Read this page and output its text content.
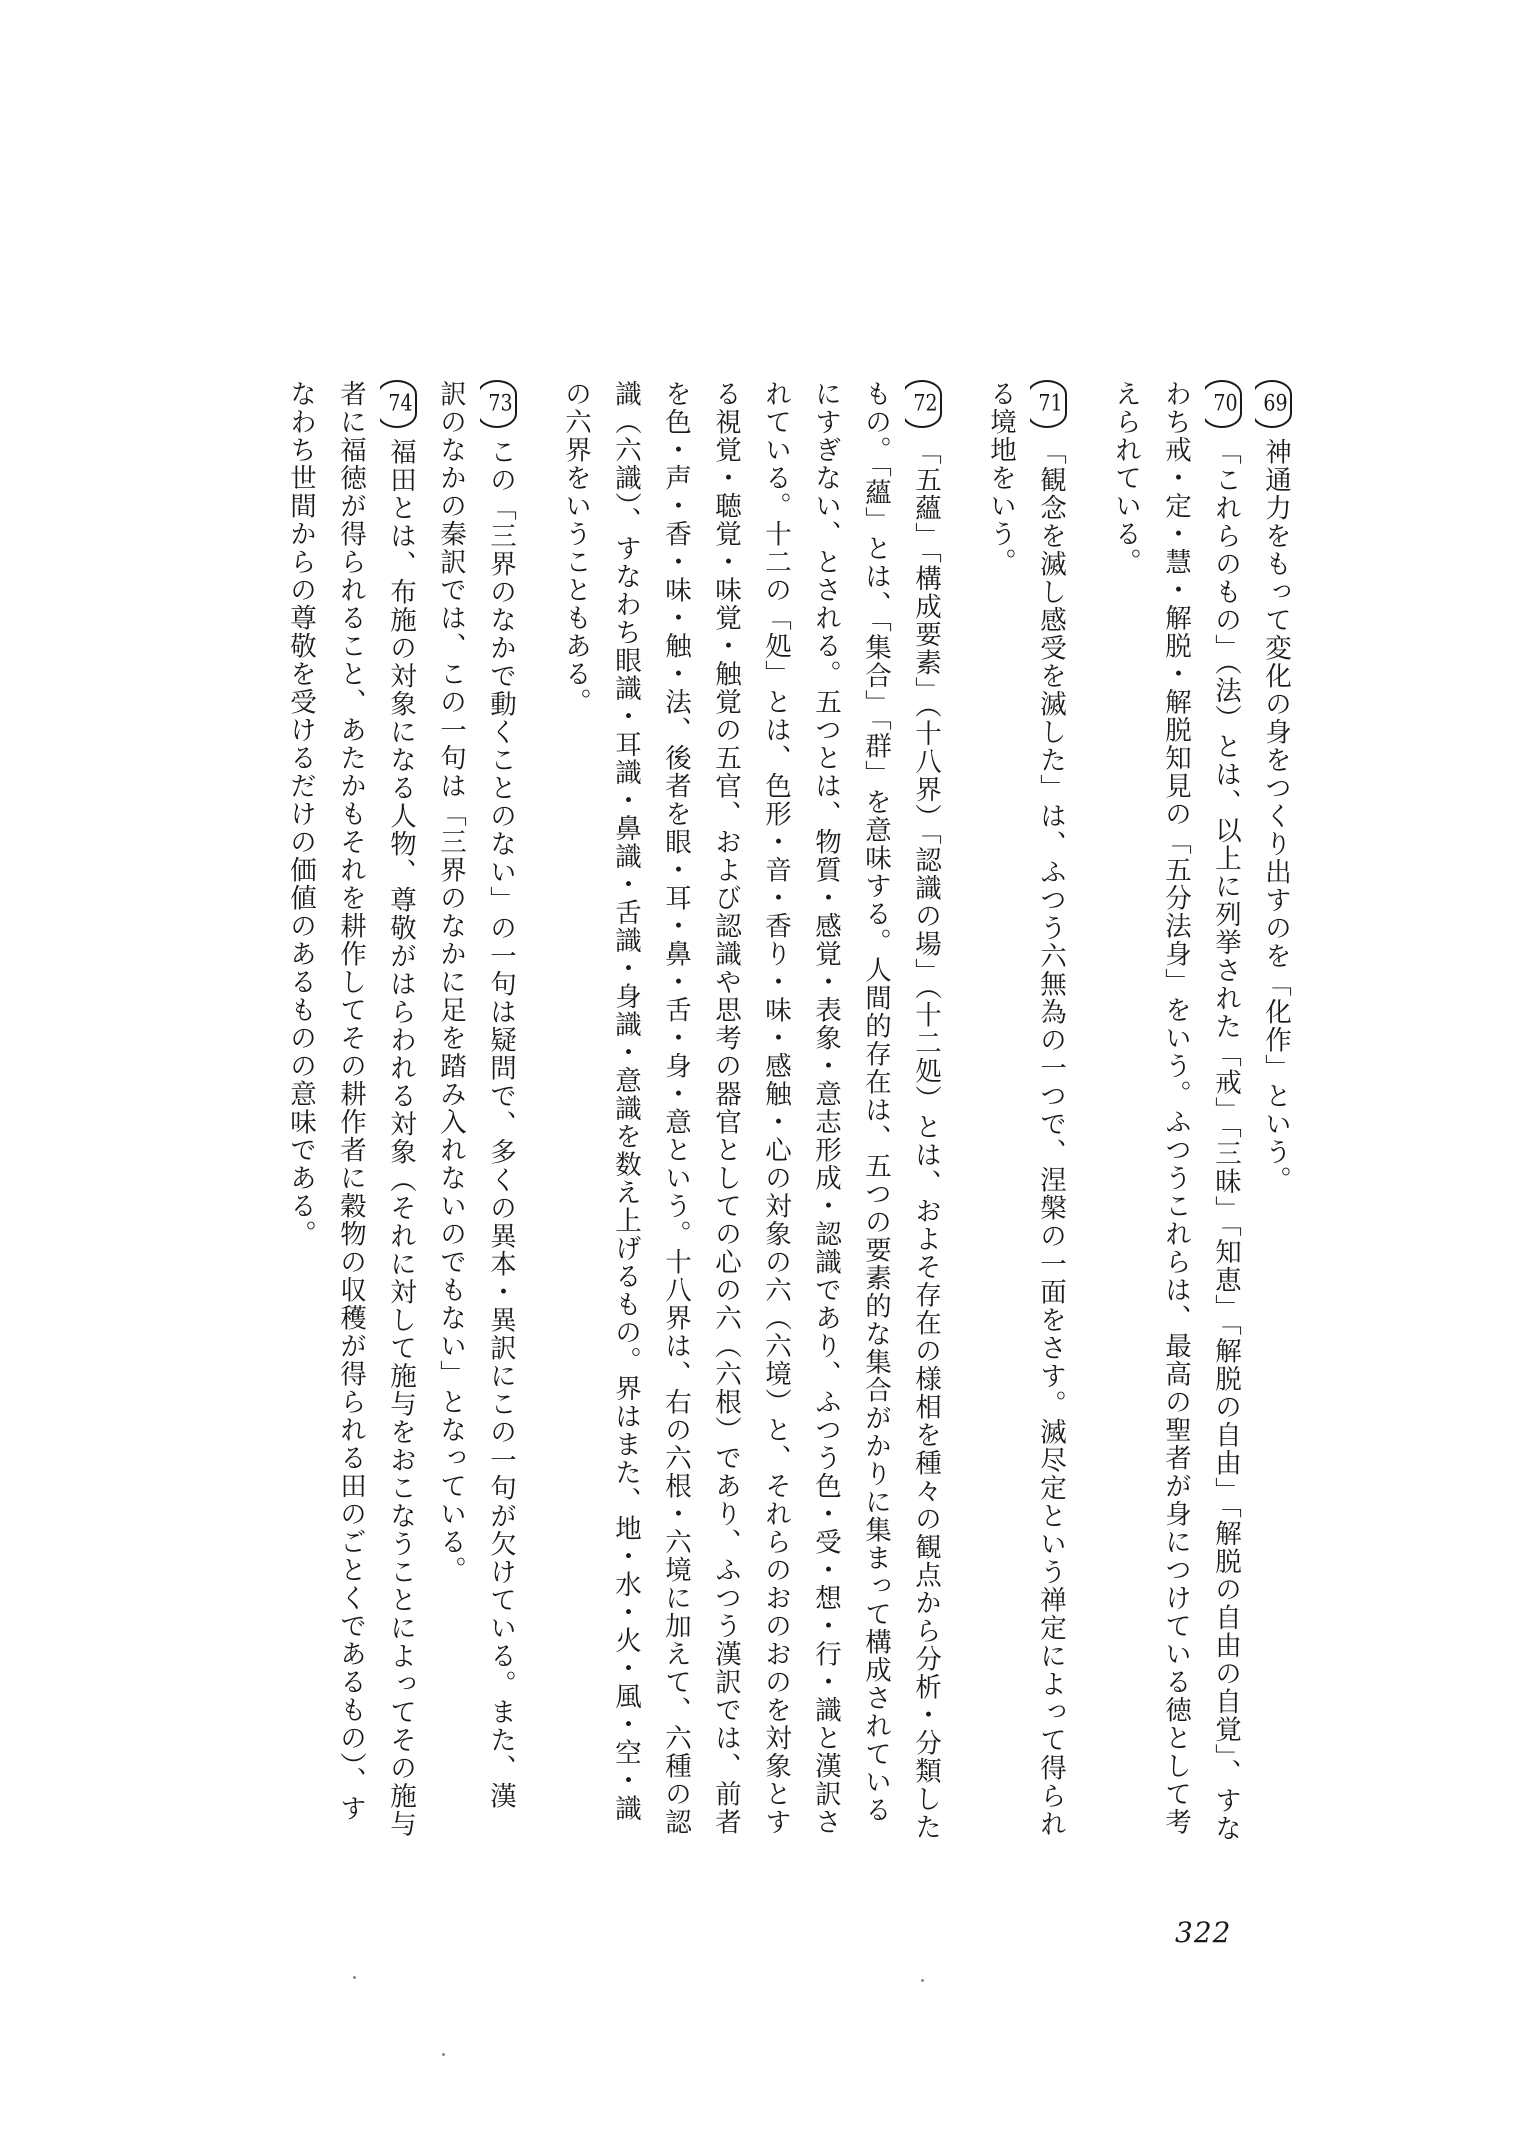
69神通力をもって変化の身をつくり出すのを「化作」という。
70「これらのもの」（法）とは、以上に列挙された「戒」「三昧」「知恵」「解脱の自由」「解脱の自由の自覚」、すな
わち戒・定・慧・解脱・解脱知見の「五分法身」をいう。ふつうこれらは、最高の聖者が身につけている徳として考
えられている。
71「観念を滅し感受を滅した」は、ふつう六無為の一つで、涅槃の一面をさす。滅尽定という禅定によって得られ
る境地をいう。
72「五蘊」「構成要素」（十八界）「認識の場」（十二処）とは、およそ存在の様相を種々の観点から分析・分類した
もの。「蘊」とは、「集合」「群」を意味する。人間的存在は、五つの要素的な集合がかりに集まって構成されている
にすぎない、とされる。五つとは、物質・感覚・表象・意志形成・認識であり、ふつう色・受・想・行・識と漢訳さ
れている。十二の「処」とは、色形・音・香り・味・感触・心の対象の六（六境）と、それらのおのおのを対象とす
る視覚・聴覚・味覚・触覚の五官、および認識や思考の器官としての心の六（六根）であり、ふつう漢訳では、前者
を色・声・香・味・触・法、後者を眼・耳・鼻・舌・身・意という。十八界は、右の六根・六境に加えて、六種の認
識（六識）、すなわち眼識・耳識・鼻識・舌識・身識・意識を数え上げるもの。界はまた、地・水・火・風・空・識
の六界をいうこともある。
73この「三界のなかで動くことのない」の一句は疑問で、多くの異本・異訳にこの一句が欠けている。また、漢
訳のなかの秦訳では、この一句は「三界のなかに足を踏み入れないのでもない」となっている。
74福田とは、布施の対象になる人物、尊敬がはらわれる対象（それに対して施与をおこなうことによってその施与
者に福徳が得られること、あたかもそれを耕作してその耕作者に穀物の収穫が得られる田のごとくであるもの）、す
なわち世間からの尊敬を受けるだけの価値のあるものの意味である。
322
